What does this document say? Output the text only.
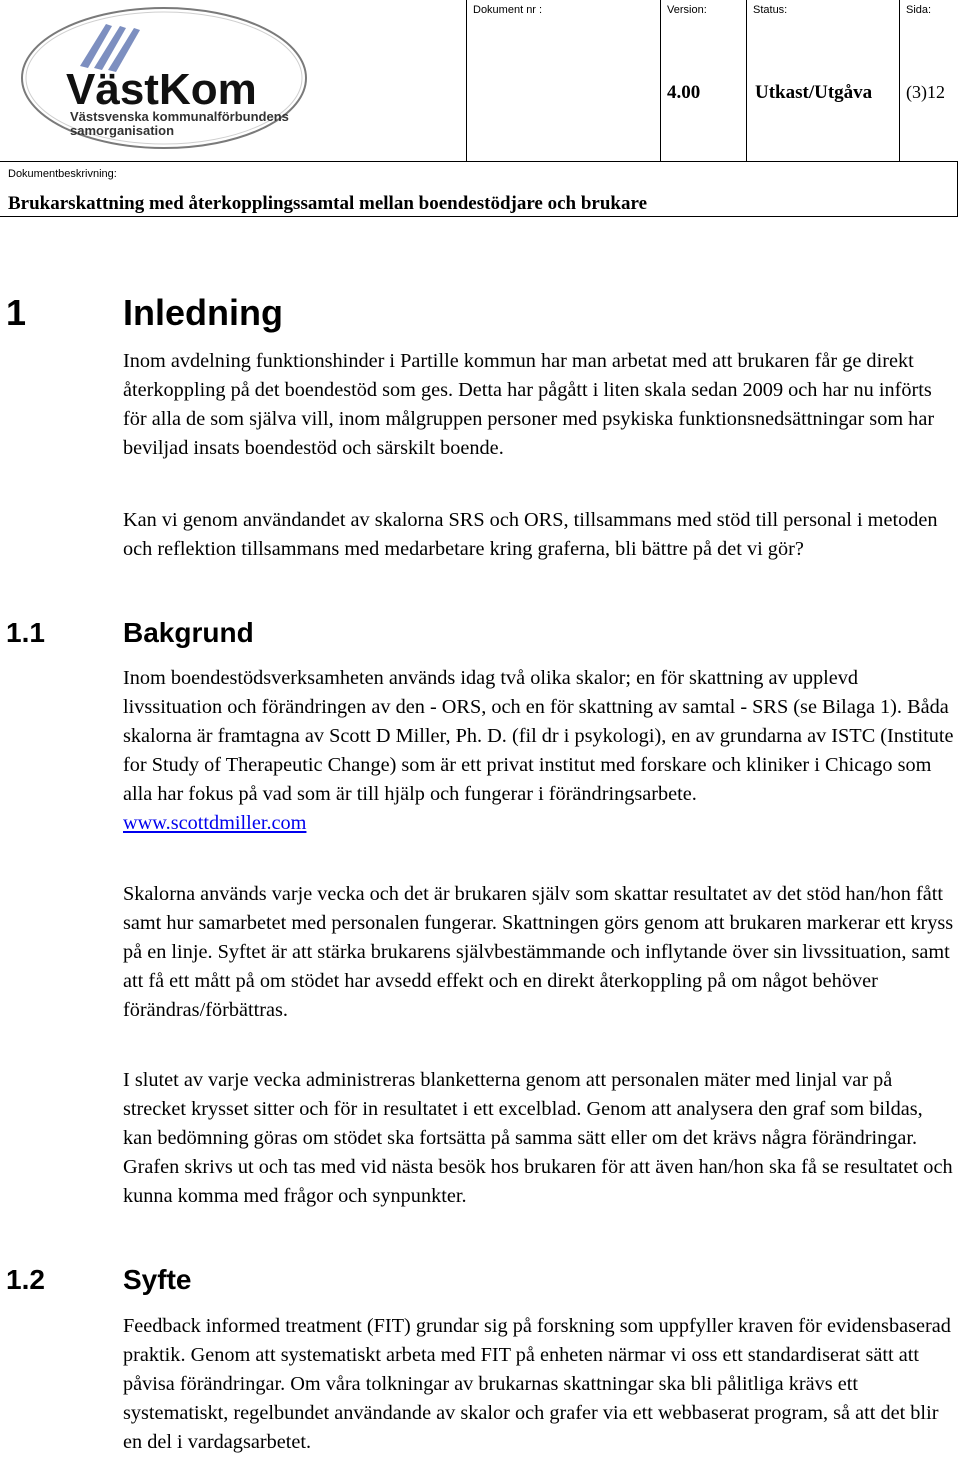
VästKom
Västsvenska kommunalförbundens
samorganisation
Dokument nr :	Version:
4.00
Status:
Utkast/Utgåva
Sida:
(3)12
Dokumentbeskrivning:
Brukarskattning med återkopplingssamtal mellan boendestödjare och brukare
1	Inledning

Inom avdelning funktionshinder i Partille kommun har man arbetat med att brukaren får ge direkt återkoppling på det boendestöd som ges. Detta har pågått i liten skala sedan 2009 och har nu införts för alla de som själva vill, inom målgruppen personer med psykiska funktionsnedsättningar som har beviljad insats boendestöd och särskilt boende.

Kan vi genom användandet av skalorna SRS och ORS, tillsammans med stöd till personal i metoden och reflektion tillsammans med medarbetare kring graferna, bli bättre på det vi gör?

1.1	Bakgrund

Inom boendestödsverksamheten används idag två olika skalor; en för skattning av upplevd livssituation och förändringen av den - ORS, och en för skattning av samtal - SRS (se Bilaga 1). Båda skalorna är framtagna av Scott D Miller, Ph. D. (fil dr i psykologi), en av grundarna av ISTC (Institute for Study of Therapeutic Change) som är ett privat institut med forskare och kliniker i Chicago som alla har fokus på vad som är till hjälp och fungerar i förändringsarbete.
www.scottdmiller.com

Skalorna används varje vecka och det är brukaren själv som skattar resultatet av det stöd han/hon fått samt hur samarbetet med personalen fungerar. Skattningen görs genom att brukaren markerar ett kryss på en linje. Syftet är att stärka brukarens självbestämmande och inflytande över sin livssituation, samt att få ett mått på om stödet har avsedd effekt och en direkt återkoppling på om något behöver förändras/förbättras.

I slutet av varje vecka administreras blanketterna genom att personalen mäter med linjal var på strecket krysset sitter och för in resultatet i ett excelblad. Genom att analysera den graf som bildas, kan bedömning göras om stödet ska fortsätta på samma sätt eller om det krävs några förändringar. Grafen skrivs ut och tas med vid nästa besök hos brukaren för att även han/hon ska få se resultatet och kunna komma med frågor och synpunkter.

1.2	Syfte

Feedback informed treatment (FIT) grundar sig på forskning som uppfyller kraven för evidensbaserad praktik. Genom att systematiskt arbeta med FIT på enheten närmar vi oss ett standardiserat sätt att påvisa förändringar. Om våra tolkningar av brukarnas skattningar ska bli pålitliga krävs ett systematiskt, regelbundet användande av skalor och grafer via ett webbaserat program, så att det blir en del i vardagsarbetet.
